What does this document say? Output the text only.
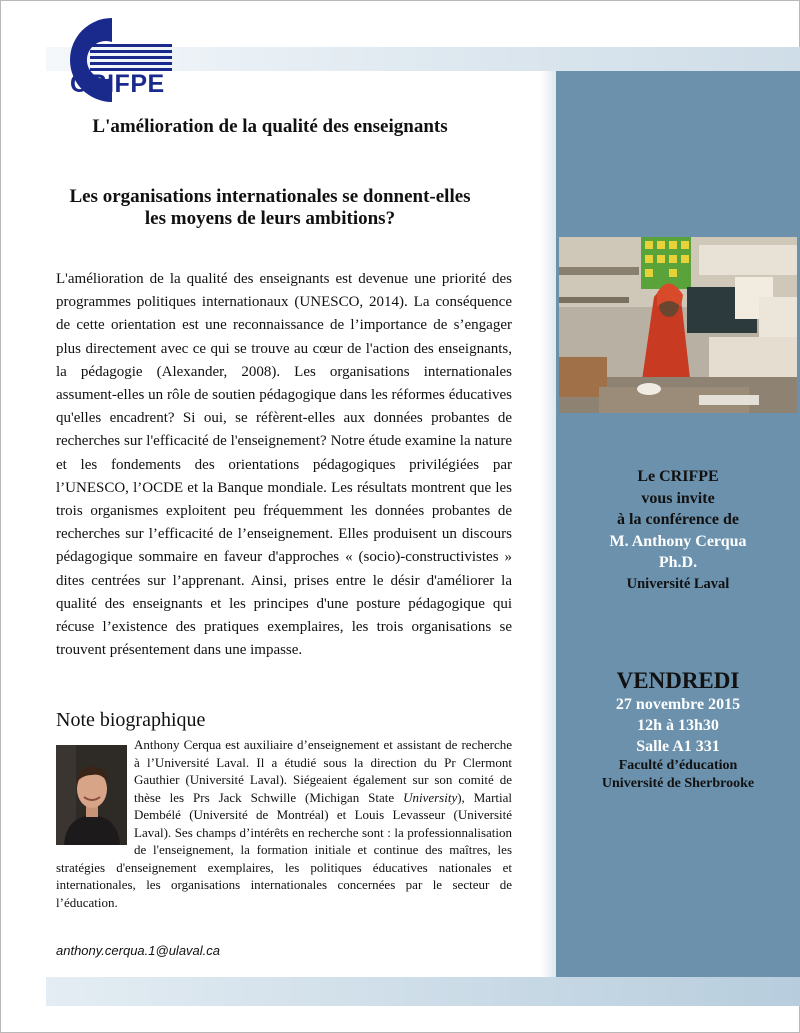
CRIFPE
L'amélioration de la qualité des enseignants
Les organisations internationales se donnent-elles les moyens de leurs ambitions?
L'amélioration de la qualité des enseignants est devenue une priorité des programmes politiques internationaux (UNESCO, 2014). La conséquence de cette orientation est une reconnaissance de l’importance de s’engager plus directement avec ce qui se trouve au cœur de l'action des enseignants, la pédagogie (Alexander, 2008). Les organisations internationales assument-elles un rôle de soutien pédagogique dans les réformes éducatives qu'elles encadrent? Si oui, se réfèrent-elles aux données probantes de recherches sur l'efficacité de l'enseignement? Notre étude examine la nature et les fondements des orientations pédagogiques privilégiées par l’UNESCO, l’OCDE et la Banque mondiale. Les résultats montrent que les trois organismes exploitent peu fréquemment les données probantes de recherches sur l’efficacité de l’enseignement. Elles produisent un discours pédagogique sommaire en faveur d'approches « (socio)-constructivistes » dites centrées sur l’apprenant. Ainsi, prises entre le désir d'améliorer la qualité des enseignants et les principes d'une posture pédagogique qui récuse l’existence des pratiques exemplaires, les trois organisations se trouvent présentement dans une impasse.
Le CRIFPE
vous invite
à la conférence de
M. Anthony Cerqua
Ph.D.
Université Laval
VENDREDI
27 novembre 2015
12h à 13h30
Salle A1 331
Faculté d’éducation
Université de Sherbrooke
Note biographique
Anthony Cerqua est auxiliaire d’enseignement et assistant de recherche à l’Université Laval. Il a étudié sous la direction du Pr Clermont Gauthier (Université Laval). Siégeaient également sur son comité de thèse les Prs Jack Schwille (Michigan State University), Martial Dembélé (Université de Montréal) et Louis Levasseur (Université Laval). Ses champs d’intérêts en recherche sont : la professionnalisation de l'enseignement, la formation initiale et continue des maîtres, les stratégies d'enseignement exemplaires, les politiques éducatives nationales et internationales, les organisations internationales concernées par le secteur de l’éducation.
anthony.cerqua.1@ulaval.ca
